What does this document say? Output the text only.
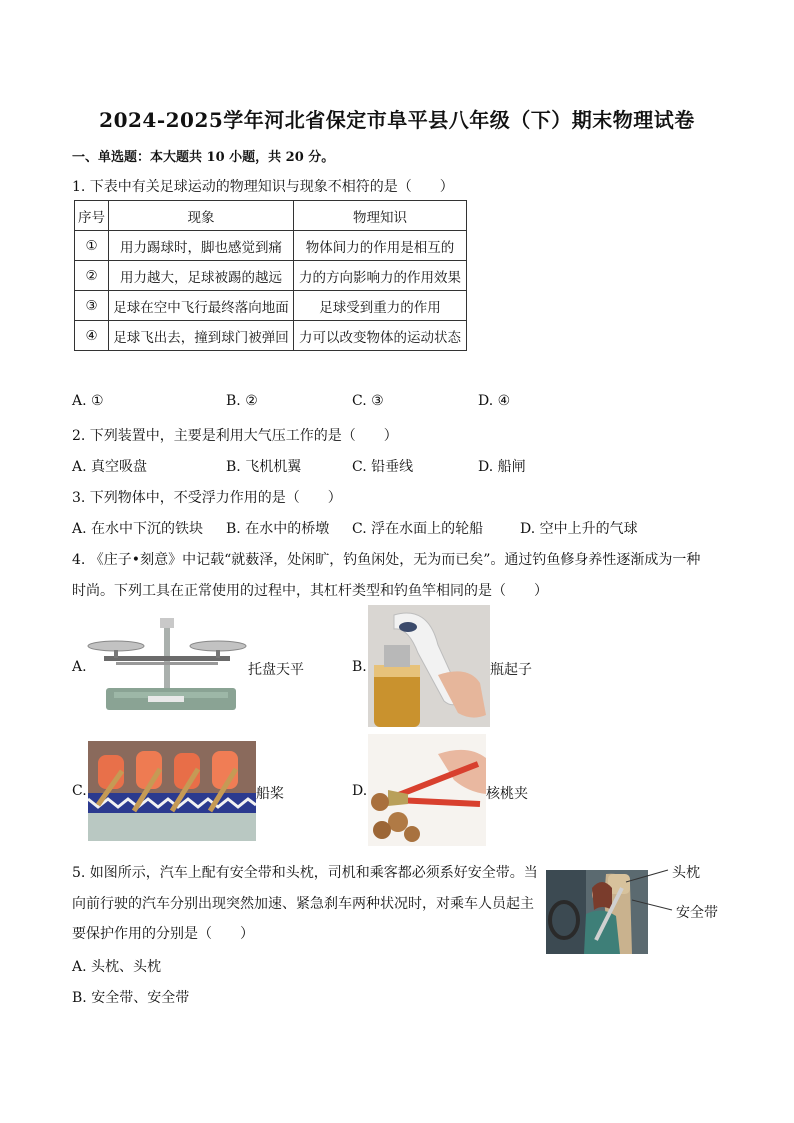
2024-2025学年河北省保定市阜平县八年级（下）期末物理试卷
一、单选题：本大题共 10 小题，共 20 分。
1. 下表中有关足球运动的物理知识与现象不相符的是（　　）
序号	现象	物理知识
①	用力踢球时，脚也感觉到痛	物体间力的作用是相互的
②	用力越大，足球被踢的越远	力的方向影响力的作用效果
③	足球在空中飞行最终落向地面	足球受到重力的作用
④	足球飞出去，撞到球门被弹回	力可以改变物体的运动状态
A. ①	B. ②	C. ③	D. ④
2. 下列装置中，主要是利用大气压工作的是（　　）
A. 真空吸盘	B. 飞机机翼	C. 铅垂线	D. 船闸
3. 下列物体中，不受浮力作用的是（　　）
A. 在水中下沉的铁块 B. 在水中的桥墩 C. 浮在水面上的轮船	D. 空中上升的气球
4. 《庄子•刻意》中记载“就薮泽，处闲旷，钓鱼闲处，无为而已矣”。通过钓鱼修身养性逐渐成为一种
时尚。下列工具在正常使用的过程中，其杠杆类型和钓鱼竿相同的是（　　）
A.	托盘天平	B.	瓶起子
C.	船桨	D.	核桃夹
5. 如图所示，汽车上配有安全带和头枕，司机和乘客都必须系好安全带。当
向前行驶的汽车分别出现突然加速、紧急刹车两种状况时，对乘车人员起主
要保护作用的分别是（　　）
头枕
安全带
A. 头枕、头枕
B. 安全带、安全带
